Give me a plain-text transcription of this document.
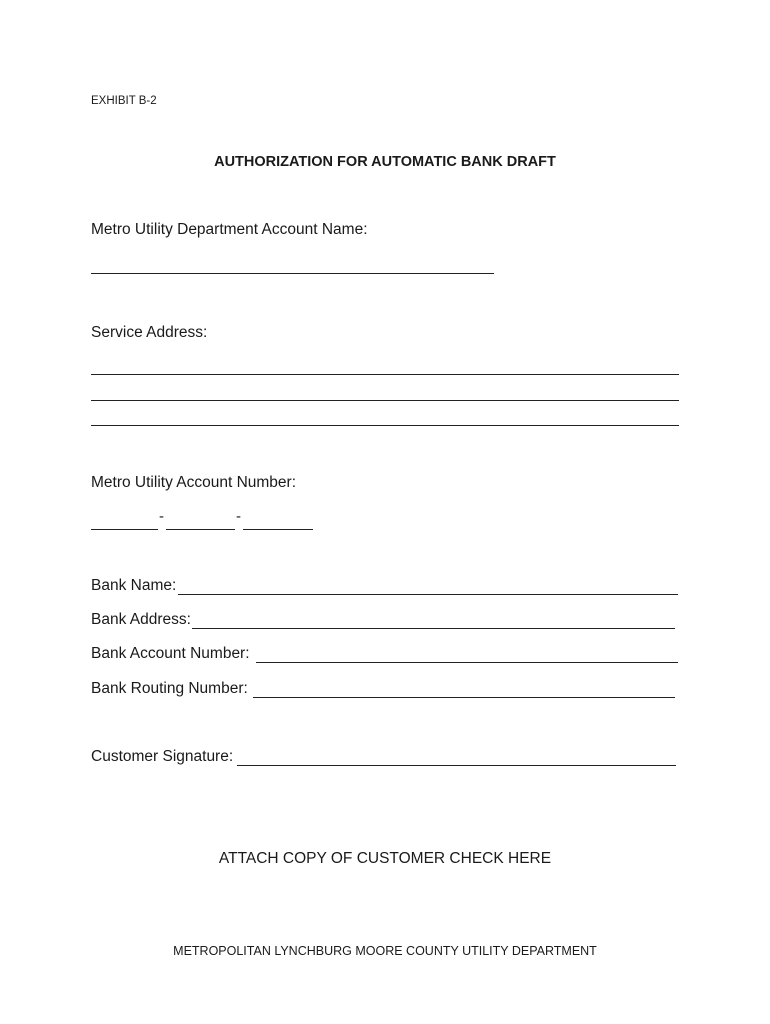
EXHIBIT B-2

AUTHORIZATION FOR AUTOMATIC BANK DRAFT

Metro Utility Department Account Name:

Service Address:

Metro Utility Account Number:

-	-
Bank Name:
Bank Address:
Bank Account Number:
Bank Routing Number:
Customer Signature:

ATTACH COPY OF CUSTOMER CHECK HERE

METROPOLITAN LYNCHBURG MOORE COUNTY UTILITY DEPARTMENT
